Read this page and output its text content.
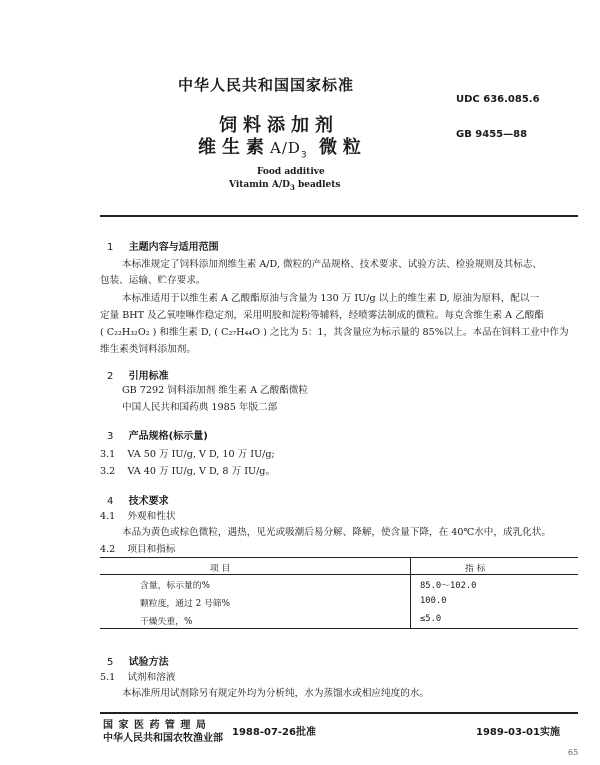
中华人民共和国国家标准
UDC 636.085.6
饲料添加剂	GB 9455—88
维生素$A/D_3$ 微粒
Food additive
Vitamin $A/D_3$ beadlets
1 主题内容与适用范围
本标准规定了饲料添加剂维生素 A/D, 微粒的产品规格、技术要求、试验方法、检验规则及其标志、
包装、运输、贮存要求。
本标准适用于以维生素 A 乙酸酯原油与含量为 130 万 IU/g 以上的维生素 D, 原油为原料，配以一
定量 BHT 及乙氧喹啉作稳定剂，采用明胶和淀粉等辅料，经喷雾法制成的微粒。每克含维生素 A 乙酸酯
( C₂₂H₃₂O₂ ) 和维生素 D, ( C₂₇H₄₄O ) 之比为 5：1，其含量应为标示量的 85%以上。本品在饲料工业中作为
维生素类饲料添加剂。
2 引用标准
GB 7292 饲料添加剂 维生素 A 乙酸酯微粒
中国人民共和国药典 1985 年版二部
3 产品规格(标示量)
3.1 VA 50 万 IU/g, V D, 10 万 IU/g;
3.2 VA 40 万 IU/g, V D, 8 万 IU/g。
4 技术要求
4.1 外观和性状
本品为黄色或棕色微粒，遇热，见光或吸潮后易分解、降解，使含量下降，在 40℃水中，成乳化状。
4.2 项目和指标
项 目	指 标
含量，标示量的%	85.0～102.0
颗粒度，通过 2 号筛%	100.0
干燥失重，%	≤5.0
5 试验方法
5.1 试剂和溶液
本标准所用试剂除另有规定外均为分析纯，水为蒸馏水或相应纯度的水。
国 家 医 药 管 理 局
中华人民共和国农牧渔业部
1988-07-26批准	1989-03-01实施
65
